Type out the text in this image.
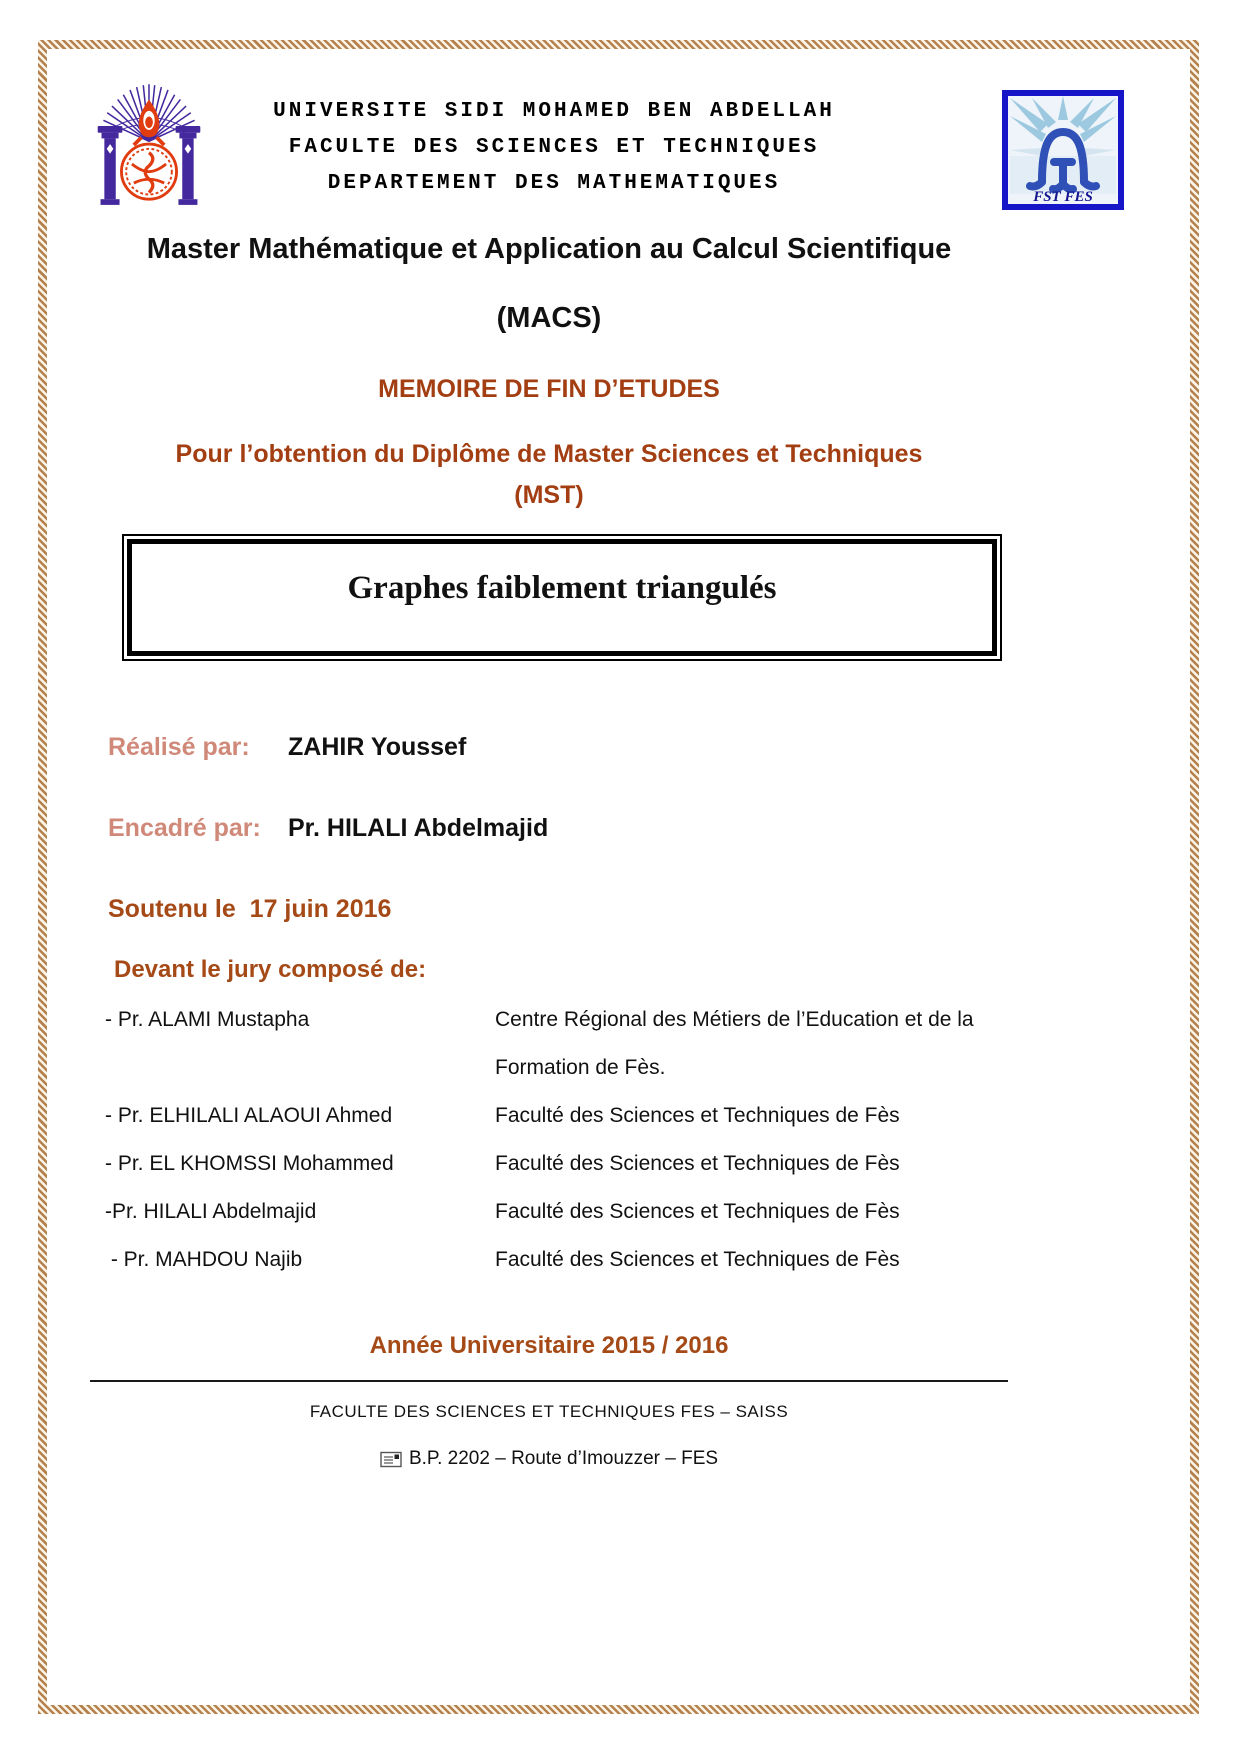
UNIVERSITE SIDI MOHAMED BEN ABDELLAH
FACULTE DES SCIENCES ET TECHNIQUES
DEPARTEMENT DES MATHEMATIQUES
FST FES
Master Mathématique et Application au Calcul Scientifique
(MACS)
MEMOIRE DE FIN D’ETUDES
Pour l’obtention du Diplôme de Master Sciences et Techniques
(MST)
Graphes faiblement triangulés
Réalisé par:	ZAHIR Youssef
Encadré par:	Pr. HILALI Abdelmajid
Soutenu le  17 juin 2016
Devant le jury composé de:
- Pr. ALAMI Mustapha	Centre Régional des Métiers de l’Education et de la Formation de Fès.
- Pr. ELHILALI ALAOUI Ahmed	Faculté des Sciences et Techniques de Fès
- Pr. EL KHOMSSI Mohammed	Faculté des Sciences et Techniques de Fès
-Pr. HILALI Abdelmajid	Faculté des Sciences et Techniques de Fès
- Pr. MAHDOU Najib	Faculté des Sciences et Techniques de Fès
Année Universitaire 2015 / 2016
FACULTE DES SCIENCES ET TECHNIQUES FES – SAISS
B.P. 2202 – Route d’Imouzzer – FES
